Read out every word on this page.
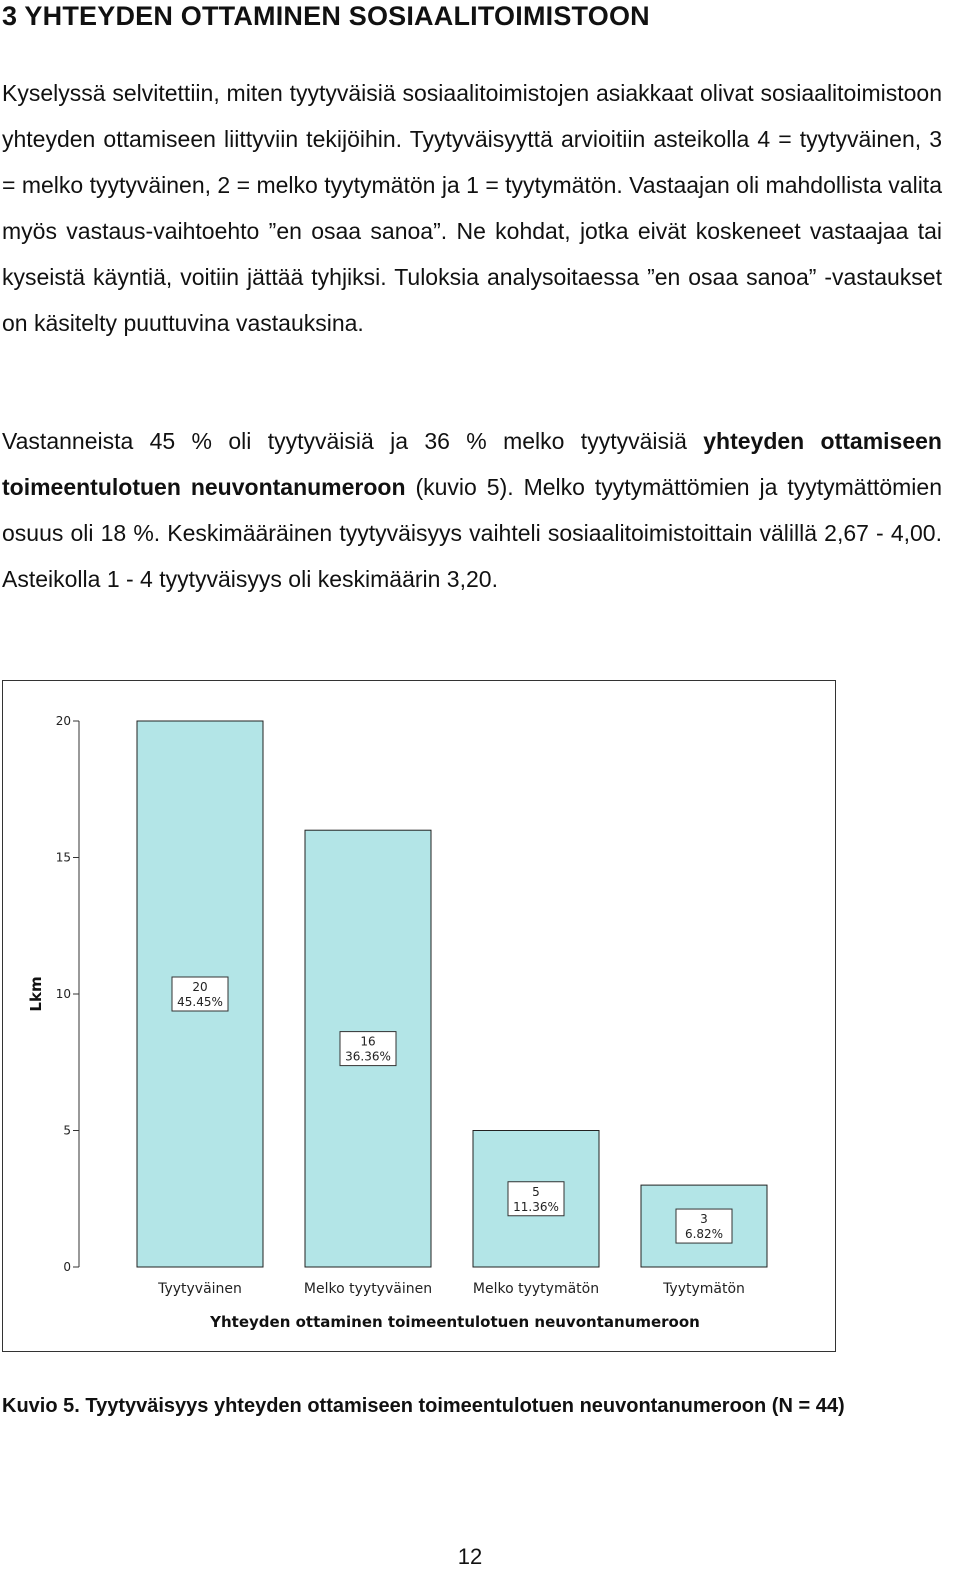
3 YHTEYDEN OTTAMINEN SOSIAALITOIMISTOON
Kyselyssä selvitettiin, miten tyytyväisiä sosiaalitoimistojen asiakkaat olivat sosiaalitoimistoon yhteyden ottamiseen liittyviin tekijöihin. Tyytyväisyyttä arvioitiin asteikolla 4 = tyytyväinen, 3 = melko tyytyväinen, 2 = melko tyytymätön ja 1 = tyytymätön. Vastaajan oli mahdollista valita myös vastaus-vaihtoehto ”en osaa sanoa”. Ne kohdat, jotka eivät koskeneet vastaajaa tai kyseistä käyntiä, voitiin jättää tyhjiksi. Tuloksia analysoitaessa ”en osaa sanoa” -vastaukset on käsitelty puuttuvina vastauksina.
Vastanneista 45 % oli tyytyväisiä ja 36 % melko tyytyväisiä yhteyden ottamiseen toimeentulotuen neuvontanumeroon (kuvio 5). Melko tyytymättömien ja tyytymättömien osuus oli 18 %. Keskimääräinen tyytyväisyys vaihteli sosiaalitoimistoittain välillä 2,67 - 4,00. Asteikolla 1 - 4 tyytyväisyys oli keskimäärin 3,20.
0
5
10
15
20
Lkm	20
45.45%
Tyytyväinen
16
36.36%
Melko tyytyväinen
5
11.36%
Melko tyytymätön
3
6.82%
Tyytymätön
Yhteyden ottaminen toimeentulotuen neuvontanumeroon
Kuvio 5. Tyytyväisyys yhteyden ottamiseen toimeentulotuen neuvontanumeroon (N = 44)
12
